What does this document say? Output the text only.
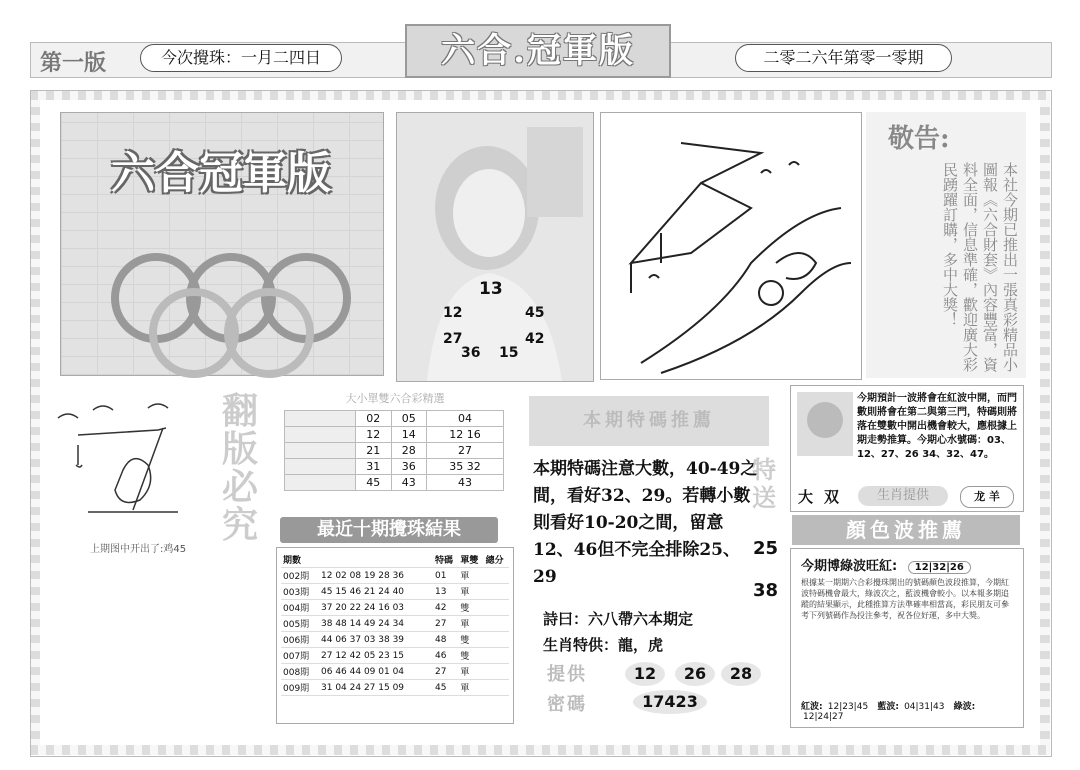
第一版	今次攪珠：一月二四日	六合.冠軍版	二零二六年第零一零期
六合冠軍版
13
12	45
27	42
36 15
敬告:
本社今期已推出一張真彩精品小圖報《六合財套》內容豐富，資料全面，信息準確，歡迎廣大彩民踴躍訂購，多中大獎！
上期图中开出了:鸡45
翻版必究
大小單雙六合彩精選
	02	05	04
	12	14	12 16
	21	28	27
	31	36	35 32
	45	43	43
最近十期攪珠結果
期數		特碼	單雙	總分
002期	12 02 08 19 28 36	01	單	
003期	45 15 46 21 24 40	13	單	
004期	37 20 22 24 16 03	42	雙	
005期	38 48 14 49 24 34	27	單	
006期	44 06 37 03 38 39	48	雙	
007期	27 12 42 05 23 15	46	雙	
008期	06 46 44 09 01 04	27	單	
009期	31 04 24 27 15 09	45	單	
本期特碼推薦
本期特碼注意大數，40-49之間，看好32、29。若轉小數則看好10-20之間，留意12、46但不完全排除25、29
特送
25
38
詩曰：六八帶六本期定
生肖特供：龍，虎
提供	12	26	28
密碼	17423
今期預計一波將會在紅波中開，而門數則將會在第二與第三門，特碼則將落在雙數中開出機會較大，應根據上期走勢推算。今期心水號碼：03、12、27、26 34、32、47。
大 双	生肖提供	龙 羊
顏色波推薦
今期博綠波旺紅: 12|32|26
根據某一期期六合彩攪珠開出的號碼顏色波段推算，今期紅波特碼機會最大，綠波次之，藍波機會較小。以本報多期追蹤的結果顯示，此種推算方法準確率相當高，彩民朋友可參考下列號碼作為投注參考，祝各位好運，多中大獎。
紅波: 12|23|45 藍波: 04|31|43 綠波: 12|24|27
